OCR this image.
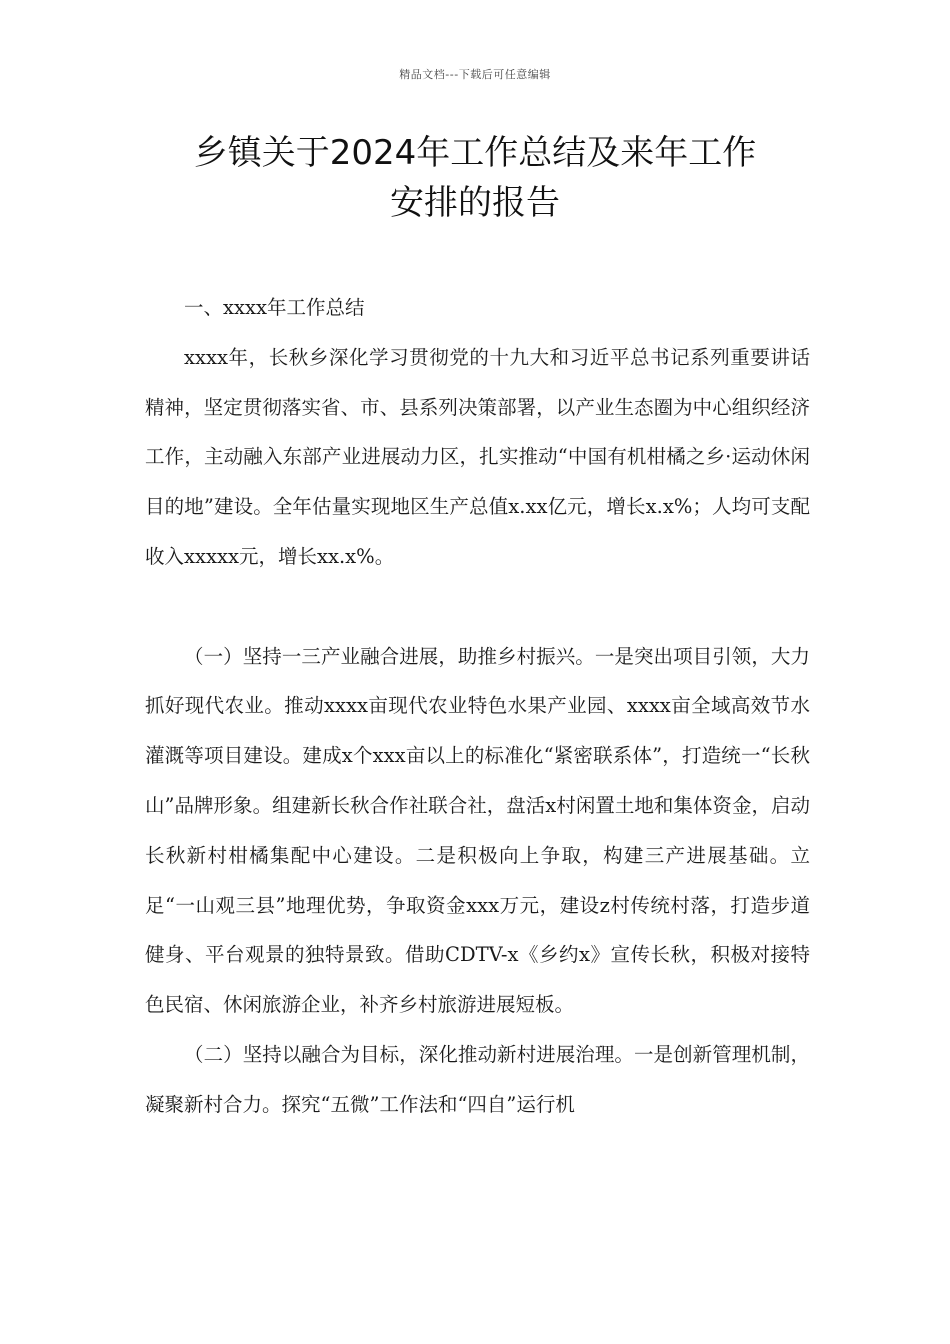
精品文档---下载后可任意编辑
乡镇关于2024年工作总结及来年工作
安排的报告

一、xxxx年工作总结

xxxx年，长秋乡深化学习贯彻党的十九大和习近平总书记系列重要讲话精神，坚定贯彻落实省、市、县系列决策部署，以产业生态圈为中心组织经济工作，主动融入东部产业进展动力区，扎实推动“中国有机柑橘之乡·运动休闲目的地”建设。全年估量实现地区生产总值x.xx亿元，增长x.x%；人均可支配收入xxxxx元，增长xx.x%。

（一）坚持一三产业融合进展，助推乡村振兴。一是突出项目引领，大力抓好现代农业。推动xxxx亩现代农业特色水果产业园、xxxx亩全域高效节水灌溉等项目建设。建成x个xxx亩以上的标准化“紧密联系体”，打造统一“长秋山”品牌形象。组建新长秋合作社联合社，盘活x村闲置土地和集体资金，启动长秋新村柑橘集配中心建设。二是积极向上争取，构建三产进展基础。立足“一山观三县”地理优势，争取资金xxx万元，建设z村传统村落，打造步道健身、平台观景的独特景致。借助CDTV-x《乡约x》宣传长秋，积极对接特色民宿、休闲旅游企业，补齐乡村旅游进展短板。

（二）坚持以融合为目标，深化推动新村进展治理。一是创新管理机制，凝聚新村合力。探究“五微”工作法和“四自”运行机
